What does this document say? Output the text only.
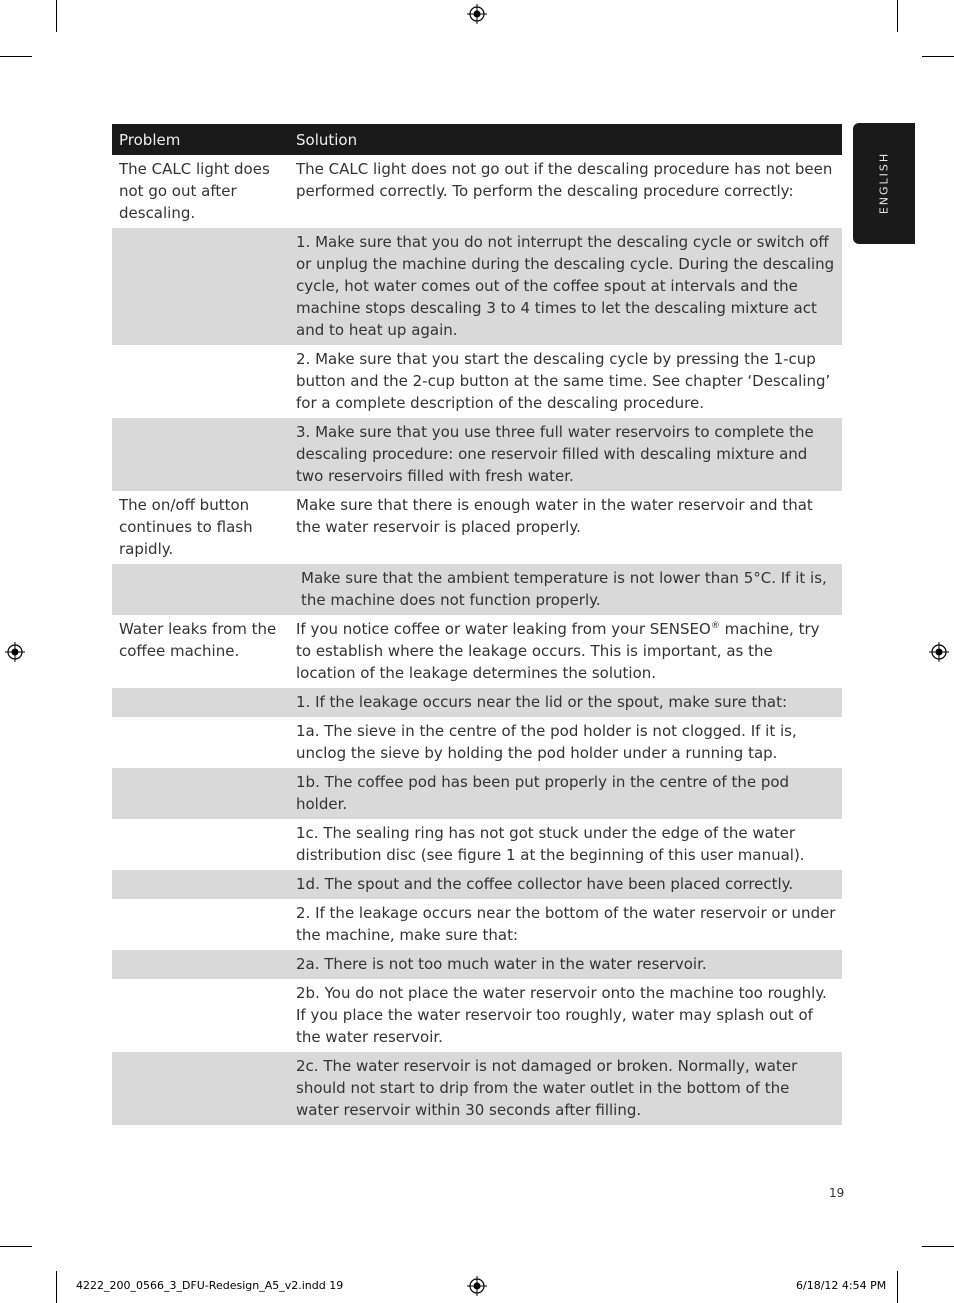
ENGLISH
Problem	Solution
The CALC light does not go out after descaling.
The CALC light does not go out if the descaling procedure has not been performed correctly. To perform the descaling procedure correctly:
1. Make sure that you do not interrupt the descaling cycle or switch off or unplug the machine during the descaling cycle. During the descaling cycle, hot water comes out of the coffee spout at intervals and the machine stops descaling 3 to 4 times to let the descaling mixture act and to heat up again.
2. Make sure that you start the descaling cycle by pressing the 1-cup button and the 2-cup button at the same time. See chapter ‘Descaling’ for a complete description of the descaling procedure.
3. Make sure that you use three full water reservoirs to complete the descaling procedure: one reservoir filled with descaling mixture and two reservoirs filled with fresh water.
The on/off button continues to flash rapidly.
Make sure that there is enough water in the water reservoir and that the water reservoir is placed properly.

Make sure that the ambient temperature is not lower than 5°C. If it is, the machine does not function properly.

Water leaks from the coffee machine.
If you notice coffee or water leaking from your SENSEO® machine, try to establish where the leakage occurs. This is important, as the location of the leakage determines the solution.
1. If the leakage occurs near the lid or the spout, make sure that:
1a. The sieve in the centre of the pod holder is not clogged. If it is, unclog the sieve by holding the pod holder under a running tap.
1b. The coffee pod has been put properly in the centre of the pod holder.
1c. The sealing ring has not got stuck under the edge of the water distribution disc (see figure 1 at the beginning of this user manual).
1d. The spout and the coffee collector have been placed correctly.
2. If the leakage occurs near the bottom of the water reservoir or under the machine, make sure that:
2a. There is not too much water in the water reservoir.

2b. You do not place the water reservoir onto the machine too roughly.

If you place the water reservoir too roughly, water may splash out of the water reservoir.

2c. The water reservoir is not damaged or broken. Normally, water should not start to drip from the water outlet in the bottom of the water reservoir within 30 seconds after filling.
19
4222_200_0566_3_DFU-Redesign_A5_v2.indd 19	6/18/12 4:54 PM
